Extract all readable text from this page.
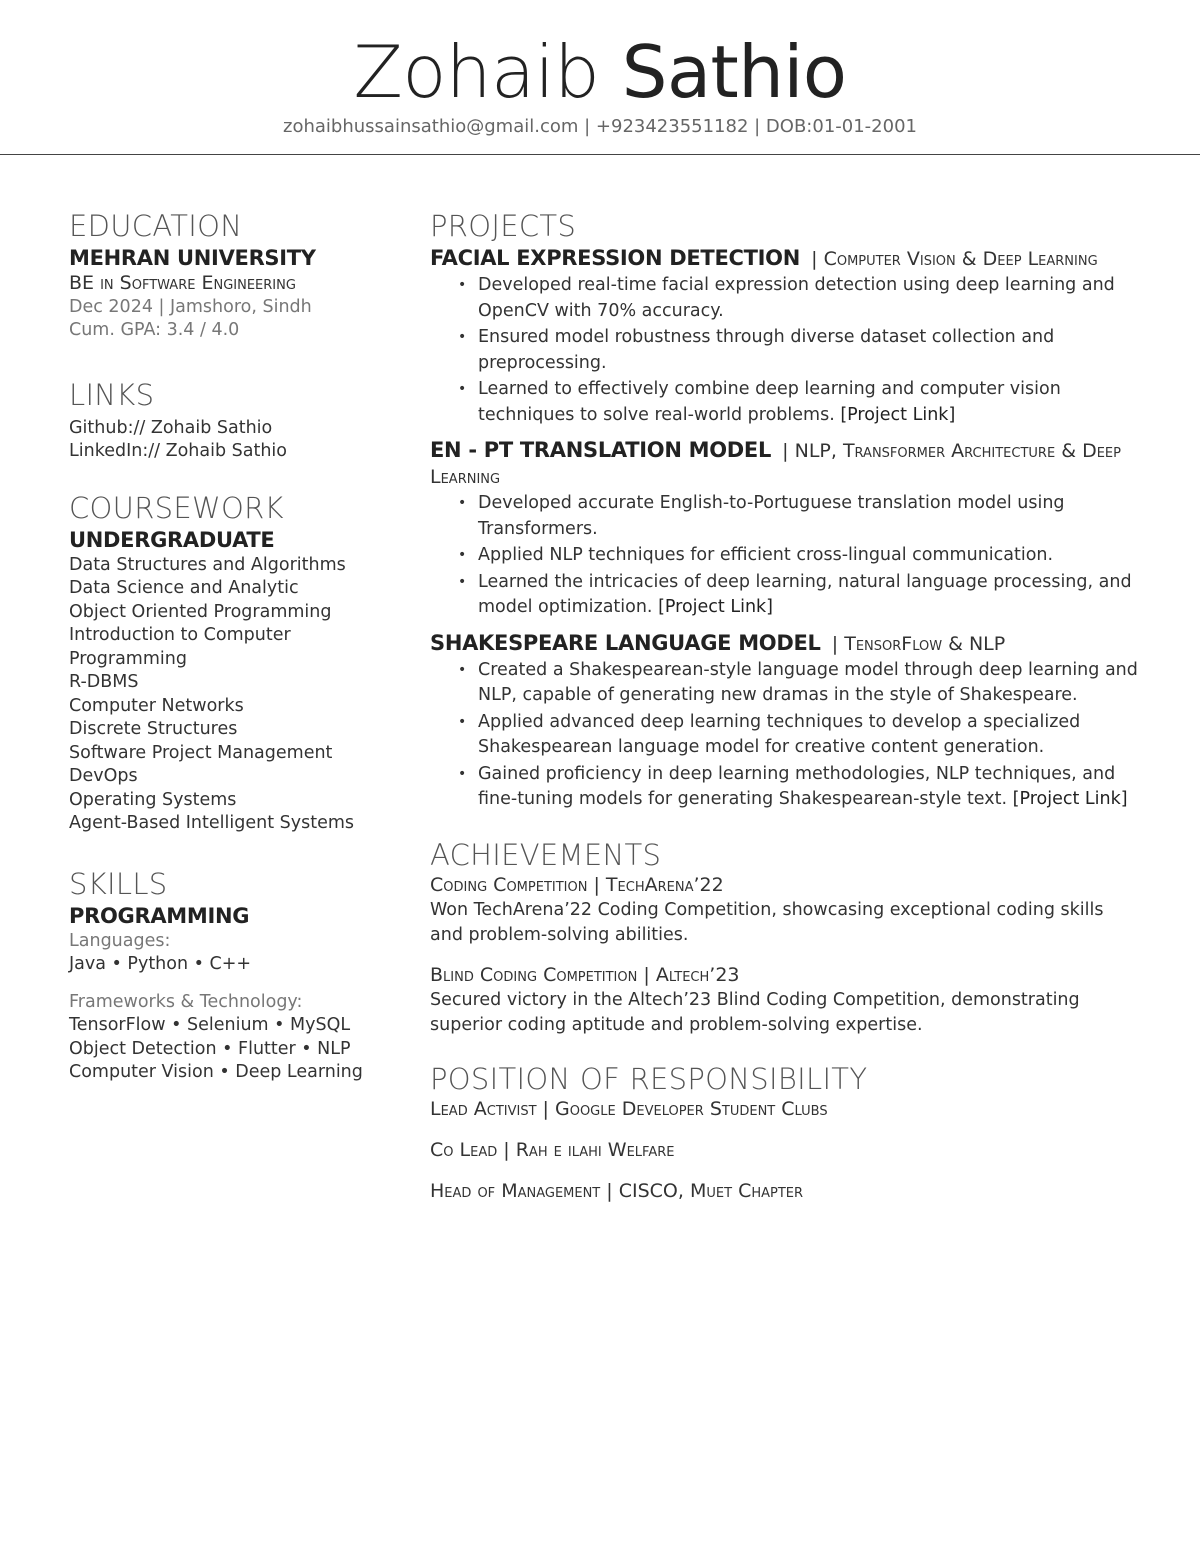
Zohaib Sathio
zohaibhussainsathio@gmail.com | +923423551182 | DOB:01-01-2001
EDUCATION
MEHRAN UNIVERSITY
BE in Software Engineering
Dec 2024 | Jamshoro, Sindh
Cum. GPA: 3.4 / 4.0
LINKS
Github:// Zohaib Sathio
LinkedIn:// Zohaib Sathio
COURSEWORK
UNDERGRADUATE
Data Structures and Algorithms
Data Science and Analytic
Object Oriented Programming
Introduction to Computer Programming
R-DBMS
Computer Networks
Discrete Structures
Software Project Management
DevOps
Operating Systems
Agent-Based Intelligent Systems
SKILLS
PROGRAMMING
Languages:
Java • Python • C++
Frameworks & Technology:
TensorFlow • Selenium • MySQL
Object Detection • Flutter • NLP
Computer Vision • Deep Learning
PROJECTS
FACIAL EXPRESSION DETECTION | Computer Vision & Deep Learning
• Developed real-time facial expression detection using deep learning and OpenCV with 70% accuracy.
• Ensured model robustness through diverse dataset collection and preprocessing.
• Learned to effectively combine deep learning and computer vision techniques to solve real-world problems. [Project Link]
EN - PT TRANSLATION MODEL | NLP, Transformer Architecture & Deep Learning
• Developed accurate English-to-Portuguese translation model using Transformers.
• Applied NLP techniques for efficient cross-lingual communication.
• Learned the intricacies of deep learning, natural language processing, and model optimization. [Project Link]
SHAKESPEARE LANGUAGE MODEL | TensorFlow & NLP
• Created a Shakespearean-style language model through deep learning and NLP, capable of generating new dramas in the style of Shakespeare.
• Applied advanced deep learning techniques to develop a specialized Shakespearean language model for creative content generation.
• Gained proficiency in deep learning methodologies, NLP techniques, and fine-tuning models for generating Shakespearean-style text. [Project Link]
ACHIEVEMENTS
Coding Competition | TechArena’22
Won TechArena’22 Coding Competition, showcasing exceptional coding skills and problem-solving abilities.
Blind Coding Competition | Altech’23
Secured victory in the Altech’23 Blind Coding Competition, demonstrating superior coding aptitude and problem-solving expertise.
POSITION OF RESPONSIBILITY
Lead Activist | Google Developer Student Clubs
Co Lead | Rah e ilahi Welfare
Head of Management | CISCO, Muet Chapter
